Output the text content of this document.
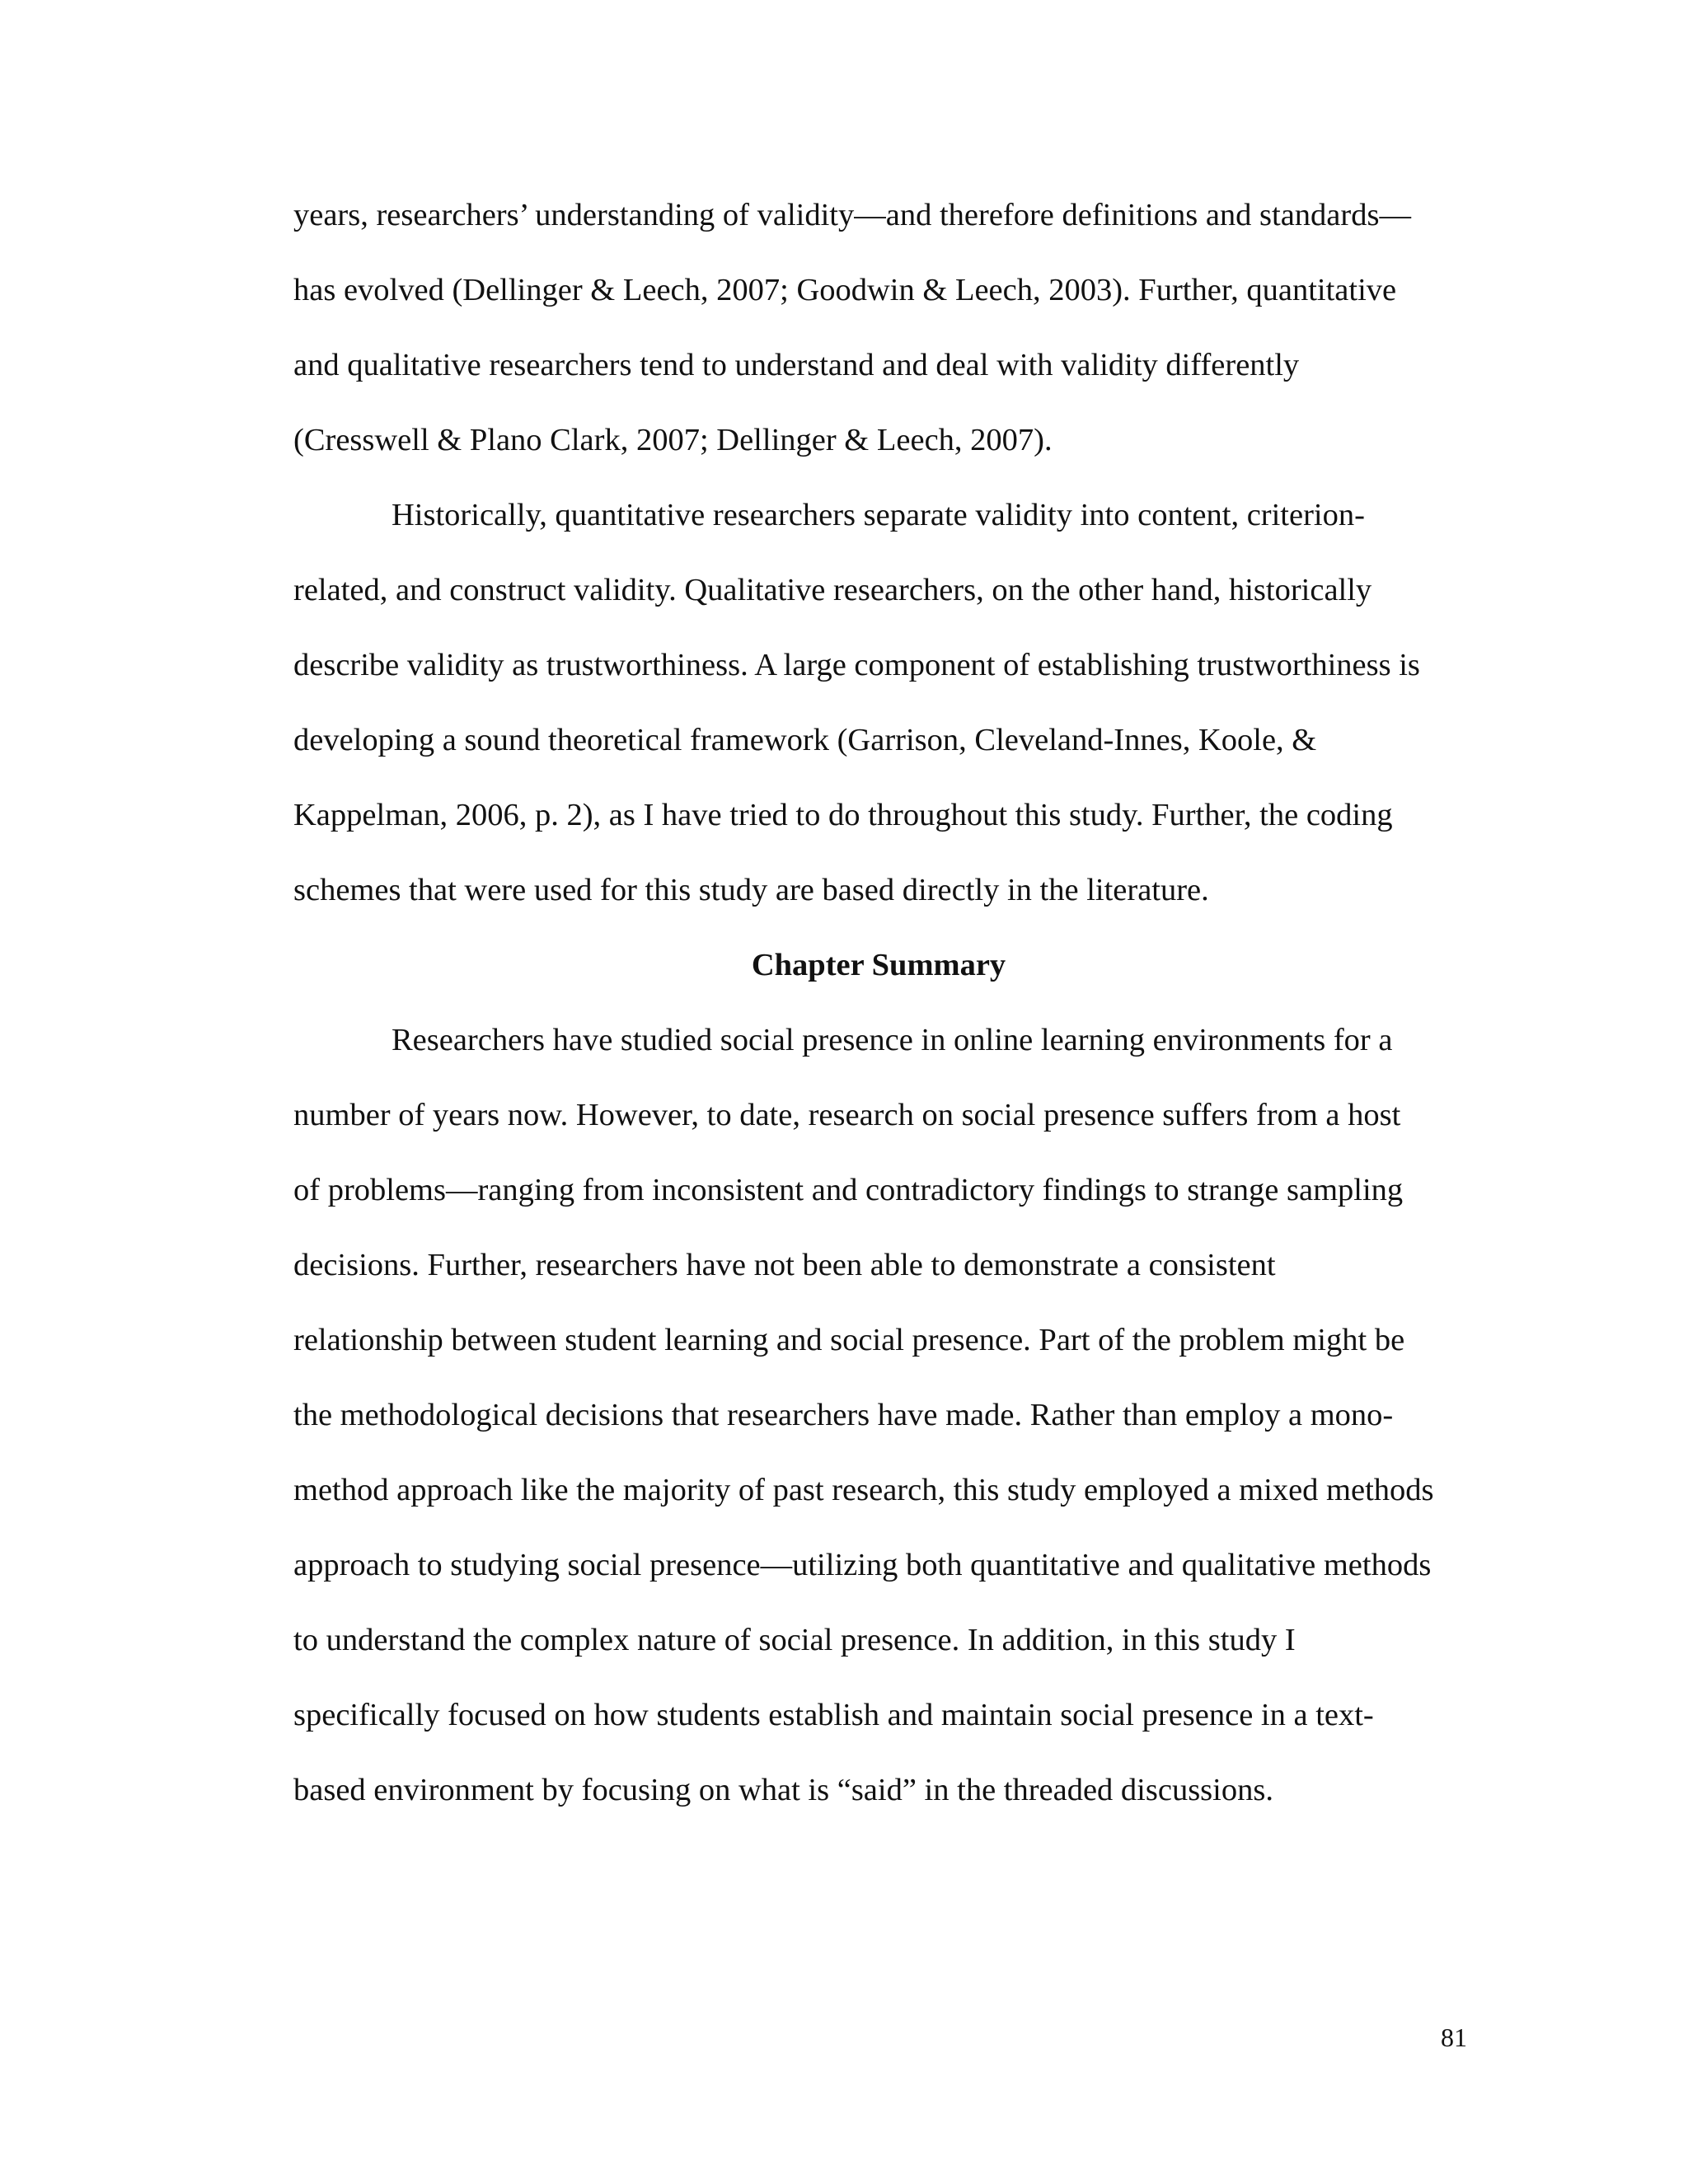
years, researchers’ understanding of validity—and therefore definitions and standards—
has evolved (Dellinger & Leech, 2007; Goodwin & Leech, 2003). Further, quantitative
and qualitative researchers tend to understand and deal with validity differently
(Cresswell & Plano Clark, 2007; Dellinger & Leech, 2007).
Historically, quantitative researchers separate validity into content, criterion-
related, and construct validity. Qualitative researchers, on the other hand, historically
describe validity as trustworthiness. A large component of establishing trustworthiness is
developing a sound theoretical framework (Garrison, Cleveland-Innes, Koole, &
Kappelman, 2006, p. 2), as I have tried to do throughout this study. Further, the coding
schemes that were used for this study are based directly in the literature.
Chapter Summary
Researchers have studied social presence in online learning environments for a
number of years now. However, to date, research on social presence suffers from a host
of problems—ranging from inconsistent and contradictory findings to strange sampling
decisions. Further, researchers have not been able to demonstrate a consistent
relationship between student learning and social presence. Part of the problem might be
the methodological decisions that researchers have made. Rather than employ a mono-
method approach like the majority of past research, this study employed a mixed methods
approach to studying social presence—utilizing both quantitative and qualitative methods
to understand the complex nature of social presence. In addition, in this study I
specifically focused on how students establish and maintain social presence in a text-
based environment by focusing on what is “said” in the threaded discussions.
81
